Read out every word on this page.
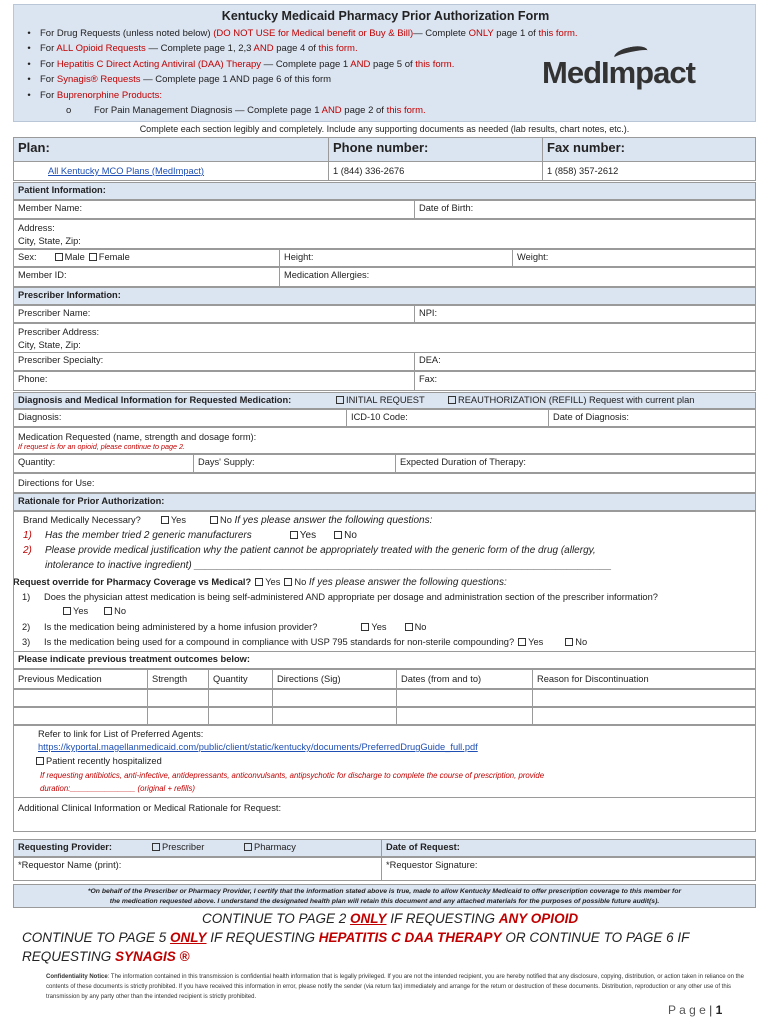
Kentucky Medicaid Pharmacy Prior Authorization Form
• For Drug Requests (unless noted below) (DO NOT USE for Medical benefit or Buy & Bill)— Complete ONLY page 1 of this form.
• For ALL Opioid Requests — Complete page 1, 2,3 AND page 4 of this form.
• For Hepatitis C Direct Acting Antiviral (DAA) Therapy — Complete page 1 AND page 5 of this form.
• For Synagis® Requests — Complete page 1 AND page 6 of this form
• For Buprenorphine Products:
o For Pain Management Diagnosis — Complete page 1 AND page 2 of this form.
MedImpact
Complete each section legibly and completely. Include any supporting documents as needed (lab results, chart notes, etc.).
Plan:	Phone number:	Fax number:
All Kentucky MCO Plans (MedImpact)	1 (844) 336-2676	1 (858) 357-2612
Patient Information:
Member Name:	Date of Birth:
Address:
City, State, Zip:
Sex:	Male Female	Height:	Weight:
Member ID:	Medication Allergies:
Prescriber Information:
Prescriber Name:	NPI:
Prescriber Address:
City, State, Zip:
Prescriber Specialty:	DEA:
Phone:	Fax:
Diagnosis and Medical Information for Requested Medication:	INITIAL REQUEST	REAUTHORIZATION (REFILL) Request with current plan
Diagnosis:	ICD-10 Code:	Date of Diagnosis:
Medication Requested (name, strength and dosage form):
If request is for an opioid, please continue to page 2.
Quantity:	Days' Supply:	Expected Duration of Therapy:
Directions for Use:
Rationale for Prior Authorization:
Brand Medically Necessary?	Yes	No If yes please answer the following questions:
1) Has the member tried 2 generic manufacturers	Yes	No
2) Please provide medical justification why the patient cannot be appropriately treated with the generic form of the drug (allergy,
intolerance to inactive ingredient) ___________________________________________________________________________
Request override for Pharmacy Coverage vs Medical? Yes No If yes please answer the following questions:
1) Does the physician attest medication is being self-administered AND appropriate per dosage and administration section of the prescriber information?
Yes	No
2) Is the medication being administered by a home infusion provider?	Yes	No
3) Is the medication being used for a compound in compliance with USP 795 standards for non-sterile compounding? Yes	No
Please indicate previous treatment outcomes below:
Previous Medication	Strength	Quantity	Directions (Sig)	Dates (from and to)	Reason for Discontinuation
Refer to link for List of Preferred Agents:
https://kyportal.magellanmedicaid.com/public/client/static/kentucky/documents/PreferredDrugGuide_full.pdf
Patient recently hospitalized
If requesting antibiotics, anti-infective, antidepressants, anticonvulsants, antipsychotic for discharge to complete the course of prescription, provide
duration:_______________ (original + refills)
Additional Clinical Information or Medical Rationale for Request:
Requesting Provider:	Prescriber	Pharmacy	Date of Request:
*Requestor Name (print):	*Requestor Signature:
*On behalf of the Prescriber or Pharmacy Provider, I certify that the information stated above is true, made to allow Kentucky Medicaid to offer prescription coverage to this member for
the medication requested above. I understand the designated health plan will retain this document and any attached materials for the purposes of possible future audit(s).
CONTINUE TO PAGE 2 ONLY IF REQUESTING ANY OPIOID
CONTINUE TO PAGE 5 ONLY IF REQUESTING HEPATITIS C DAA THERAPY OR CONTINUE TO PAGE 6 IF
REQUESTING SYNAGIS ®
Confidentiality Notice: The information contained in this transmission is confidential health information that is legally privileged. If you are not the intended recipient, you are hereby notified that any disclosure, copying, distribution, or action taken in reliance on the contents of these documents is strictly prohibited. If you have received this information in error, please notify the sender (via return fax) immediately and arrange for the return or destruction of these documents. Distribution, reproduction or any other use of this transmission by any party other than the intended recipient is strictly prohibited.
P a g e | 1
